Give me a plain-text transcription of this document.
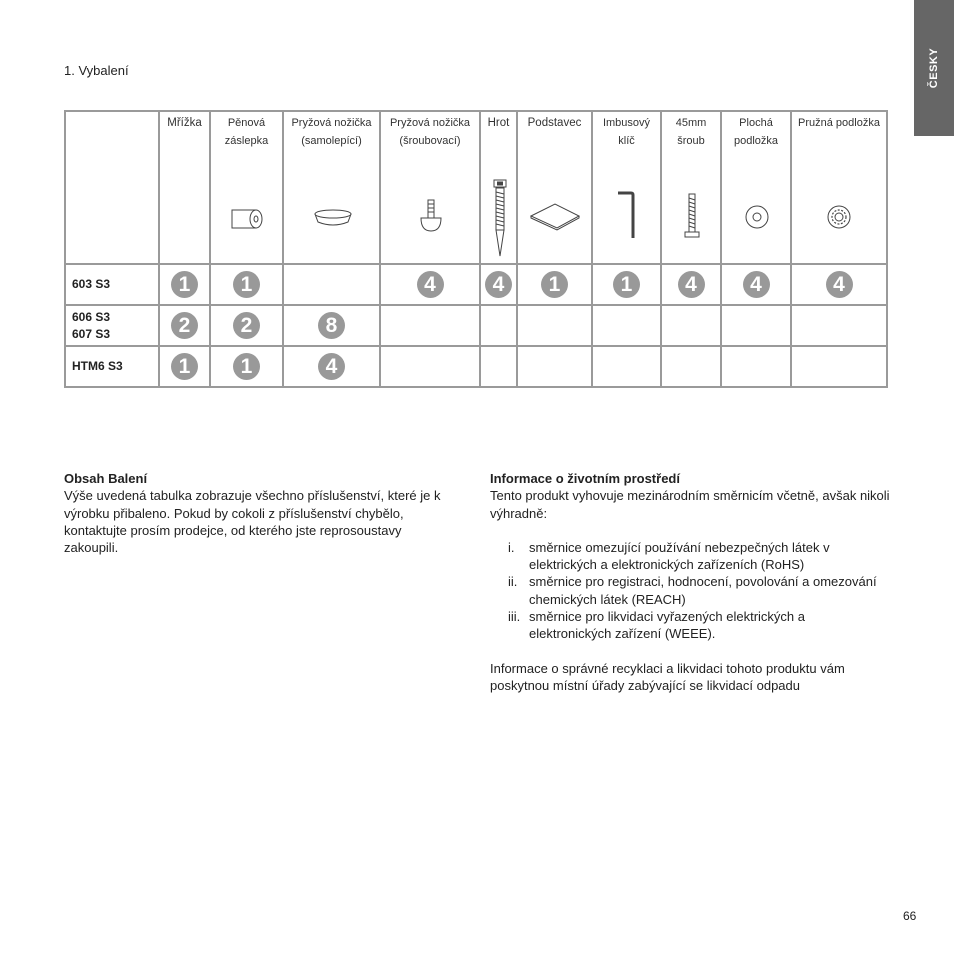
ČESKY
1. Vybalení

	Mřížka	Pěnová záslepka	Pryžová nožička (samolepící)	Pryžová nožička (šroubovací)	Hrot	Podstavec	Imbusový klíč	45mm šroub	Plochá podložka	Pružná podložka

603 S3	1	1		4	4	1	1	4	4	4

606 S3
607 S3	2	2	8							

HTM6 S3	1	1	4							
Obsah Balení

Výše uvedená tabulka zobrazuje všechno příslušenství, které je k výrobku přibaleno. Pokud by cokoli z příslušenství chybělo, kontaktujte prosím prodejce, od kterého jste reprosoustavy zakoupili.

Informace o životním prostředí

Tento produkt vyhovuje mezinárodním směrnicím včetně, avšak nikoli výhradně:

i. směrnice omezující používání nebezpečných látek v elektrických a elektronických zařízeních (RoHS)
ii. směrnice pro registraci, hodnocení, povolování a omezování chemických látek (REACH)
iii. směrnice pro likvidaci vyřazených elektrických a elektronických zařízení (WEEE).

Informace o správné recyklaci a likvidaci tohoto produktu vám poskytnou místní úřady zabývající se likvidací odpadu

66
